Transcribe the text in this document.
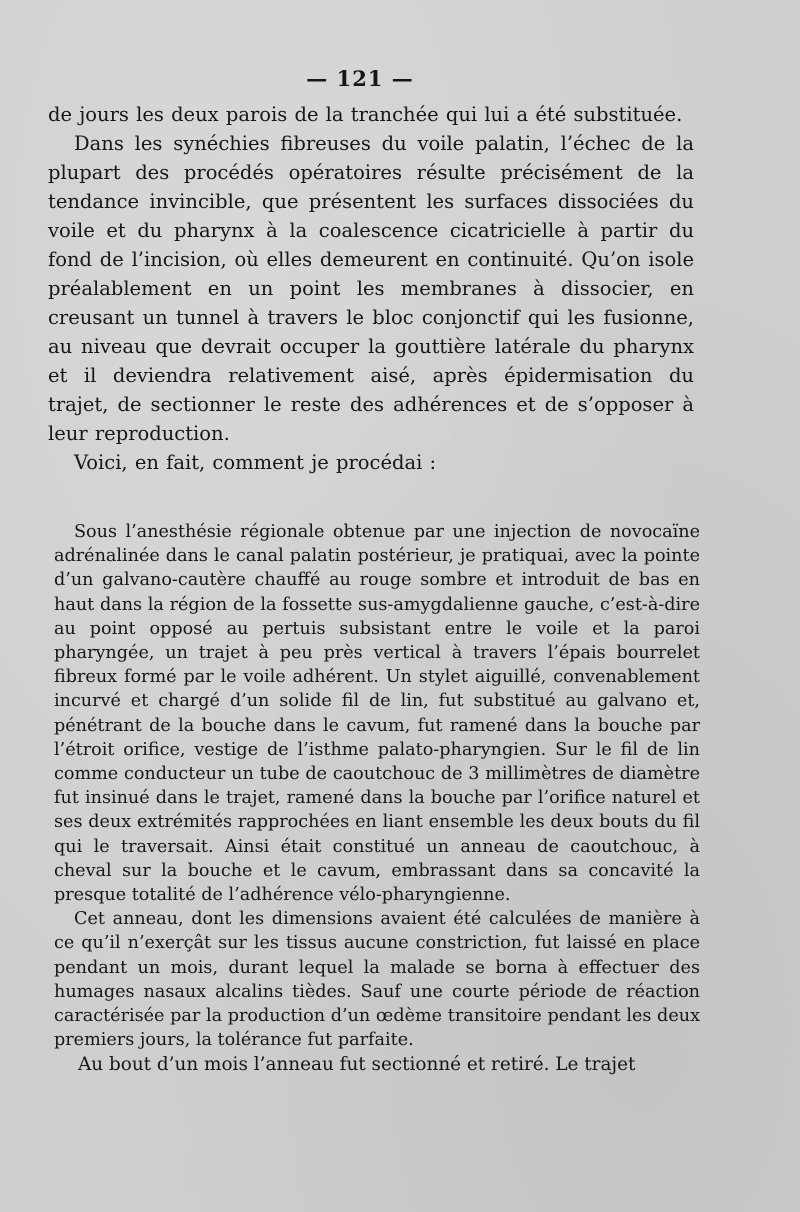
— 121 —

de jours les deux parois de la tranchée qui lui a été substituée.

Dans les synéchies fibreuses du voile palatin, l’échec de la plupart des procédés opératoires résulte précisément de la tendance invincible, que présentent les surfaces dissociées du voile et du pharynx à la coalescence cicatricielle à partir du fond de l’incision, où elles demeurent en continuité. Qu’on isole préalablement en un point les membranes à dissocier, en creusant un tunnel à travers le bloc conjonctif qui les fusionne, au niveau que devrait occuper la gouttière latérale du pharynx et il deviendra relativement aisé, après épidermisation du trajet, de sectionner le reste des adhérences et de s’opposer à leur reproduction.

Voici, en fait, comment je procédai :

Sous l’anesthésie régionale obtenue par une injection de novocaïne adrénalinée dans le canal palatin postérieur, je pratiquai, avec la pointe d’un galvano-cautère chauffé au rouge sombre et introduit de bas en haut dans la région de la fossette sus-amygdalienne gauche, c’est-à-dire au point opposé au pertuis subsistant entre le voile et la paroi pharyngée, un trajet à peu près vertical à travers l’épais bourrelet fibreux formé par le voile adhérent. Un stylet aiguillé, convenablement incurvé et chargé d’un solide fil de lin, fut substitué au galvano et, pénétrant de la bouche dans le cavum, fut ramené dans la bouche par l’étroit orifice, vestige de l’isthme palato-pharyngien. Sur le fil de lin comme conducteur un tube de caoutchouc de 3 millimètres de diamètre fut insinué dans le trajet, ramené dans la bouche par l’orifice naturel et ses deux extrémités rapprochées en liant ensemble les deux bouts du fil qui le traversait. Ainsi était constitué un anneau de caoutchouc, à cheval sur la bouche et le cavum, embrassant dans sa concavité la presque totalité de l’adhérence vélo-pharyngienne.

Cet anneau, dont les dimensions avaient été calculées de manière à ce qu’il n’exerçât sur les tissus aucune constriction, fut laissé en place pendant un mois, durant lequel la malade se borna à effectuer des humages nasaux alcalins tièdes. Sauf une courte période de réaction caractérisée par la production d’un œdème transitoire pendant les deux premiers jours, la tolérance fut parfaite.

Au bout d’un mois l’anneau fut sectionné et retiré. Le trajet
